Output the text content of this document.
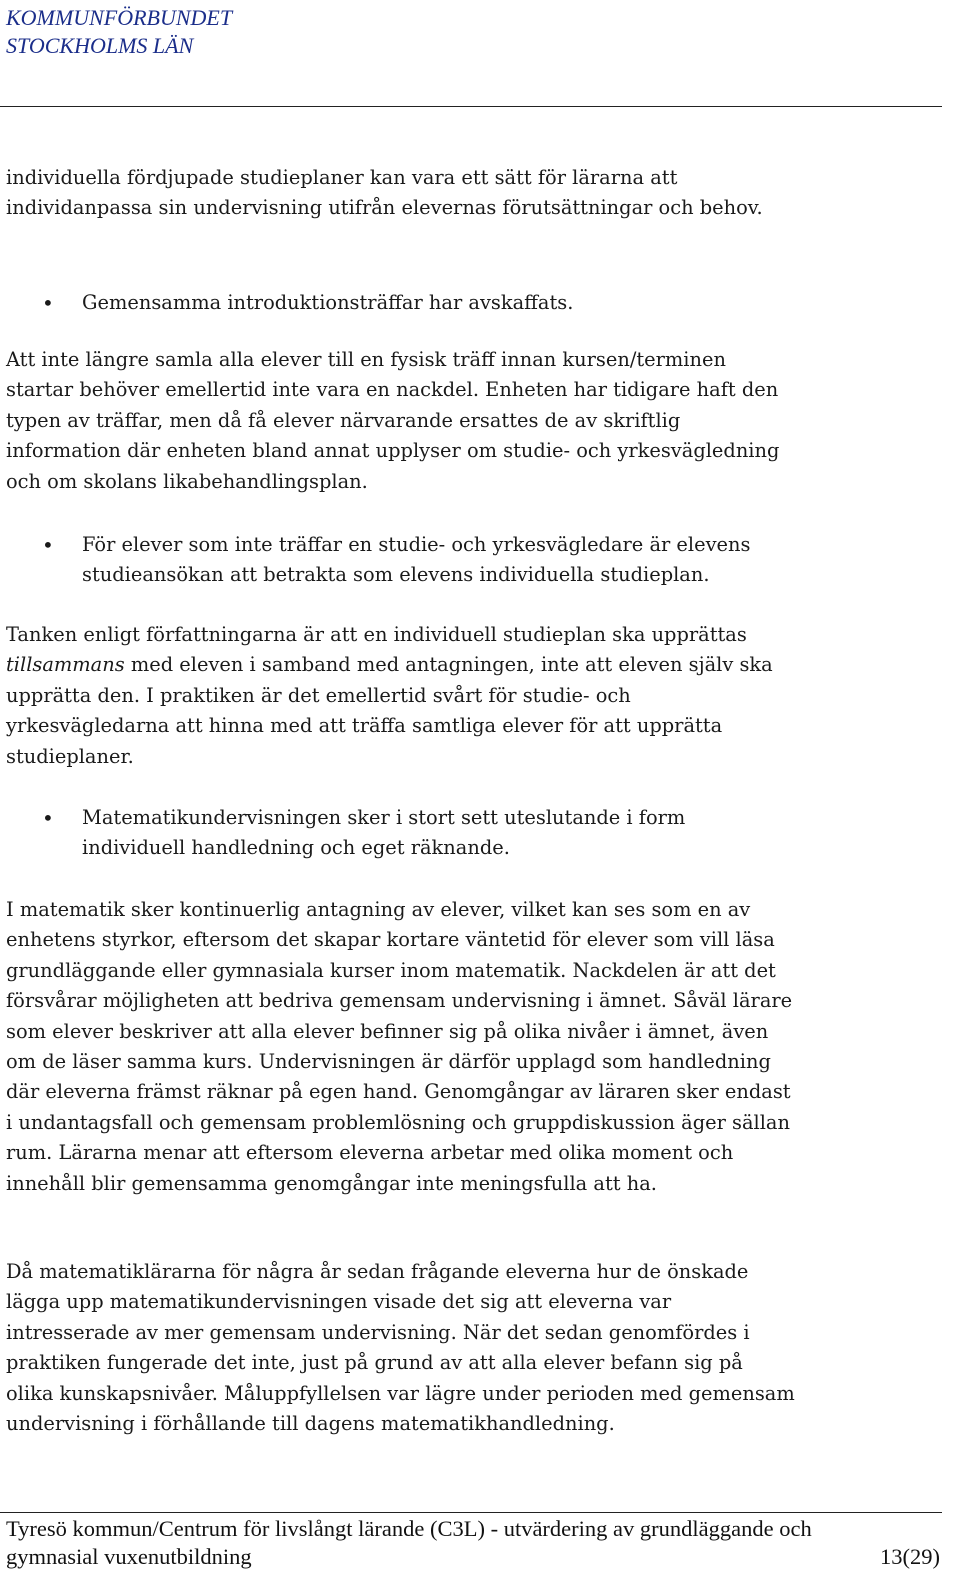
KOMMUNFÖRBUNDET
STOCKHOLMS LÄN

individuella fördjupade studieplaner kan vara ett sätt för lärarna att individanpassa sin undervisning utifrån elevernas förutsättningar och behov.

• Gemensamma introduktionsträffar har avskaffats.

Att inte längre samla alla elever till en fysisk träff innan kursen/terminen startar behöver emellertid inte vara en nackdel. Enheten har tidigare haft den typen av träffar, men då få elever närvarande ersattes de av skriftlig information där enheten bland annat upplyser om studie- och yrkesvägledning och om skolans likabehandlingsplan.

• För elever som inte träffar en studie- och yrkesvägledare är elevens studieansökan att betrakta som elevens individuella studieplan.

Tanken enligt författningarna är att en individuell studieplan ska upprättas tillsammans med eleven i samband med antagningen, inte att eleven själv ska upprätta den. I praktiken är det emellertid svårt för studie- och yrkesvägledarna att hinna med att träffa samtliga elever för att upprätta studieplaner.

• Matematikundervisningen sker i stort sett uteslutande i form individuell handledning och eget räknande.

I matematik sker kontinuerlig antagning av elever, vilket kan ses som en av enhetens styrkor, eftersom det skapar kortare väntetid för elever som vill läsa grundläggande eller gymnasiala kurser inom matematik. Nackdelen är att det försvårar möjligheten att bedriva gemensam undervisning i ämnet. Såväl lärare som elever beskriver att alla elever befinner sig på olika nivåer i ämnet, även om de läser samma kurs. Undervisningen är därför upplagd som handledning där eleverna främst räknar på egen hand. Genomgångar av läraren sker endast i undantagsfall och gemensam problemlösning och gruppdiskussion äger sällan rum. Lärarna menar att eftersom eleverna arbetar med olika moment och innehåll blir gemensamma genomgångar inte meningsfulla att ha.

Då matematiklärarna för några år sedan frågande eleverna hur de önskade lägga upp matematikundervisningen visade det sig att eleverna var intresserade av mer gemensam undervisning. När det sedan genomfördes i praktiken fungerade det inte, just på grund av att alla elever befann sig på olika kunskapsnivåer. Måluppfyllelsen var lägre under perioden med gemensam undervisning i förhållande till dagens matematikhandledning.

Tyresö kommun/Centrum för livslångt lärande (C3L) - utvärdering av grundläggande och
gymnasial vuxenutbildning	13(29)
